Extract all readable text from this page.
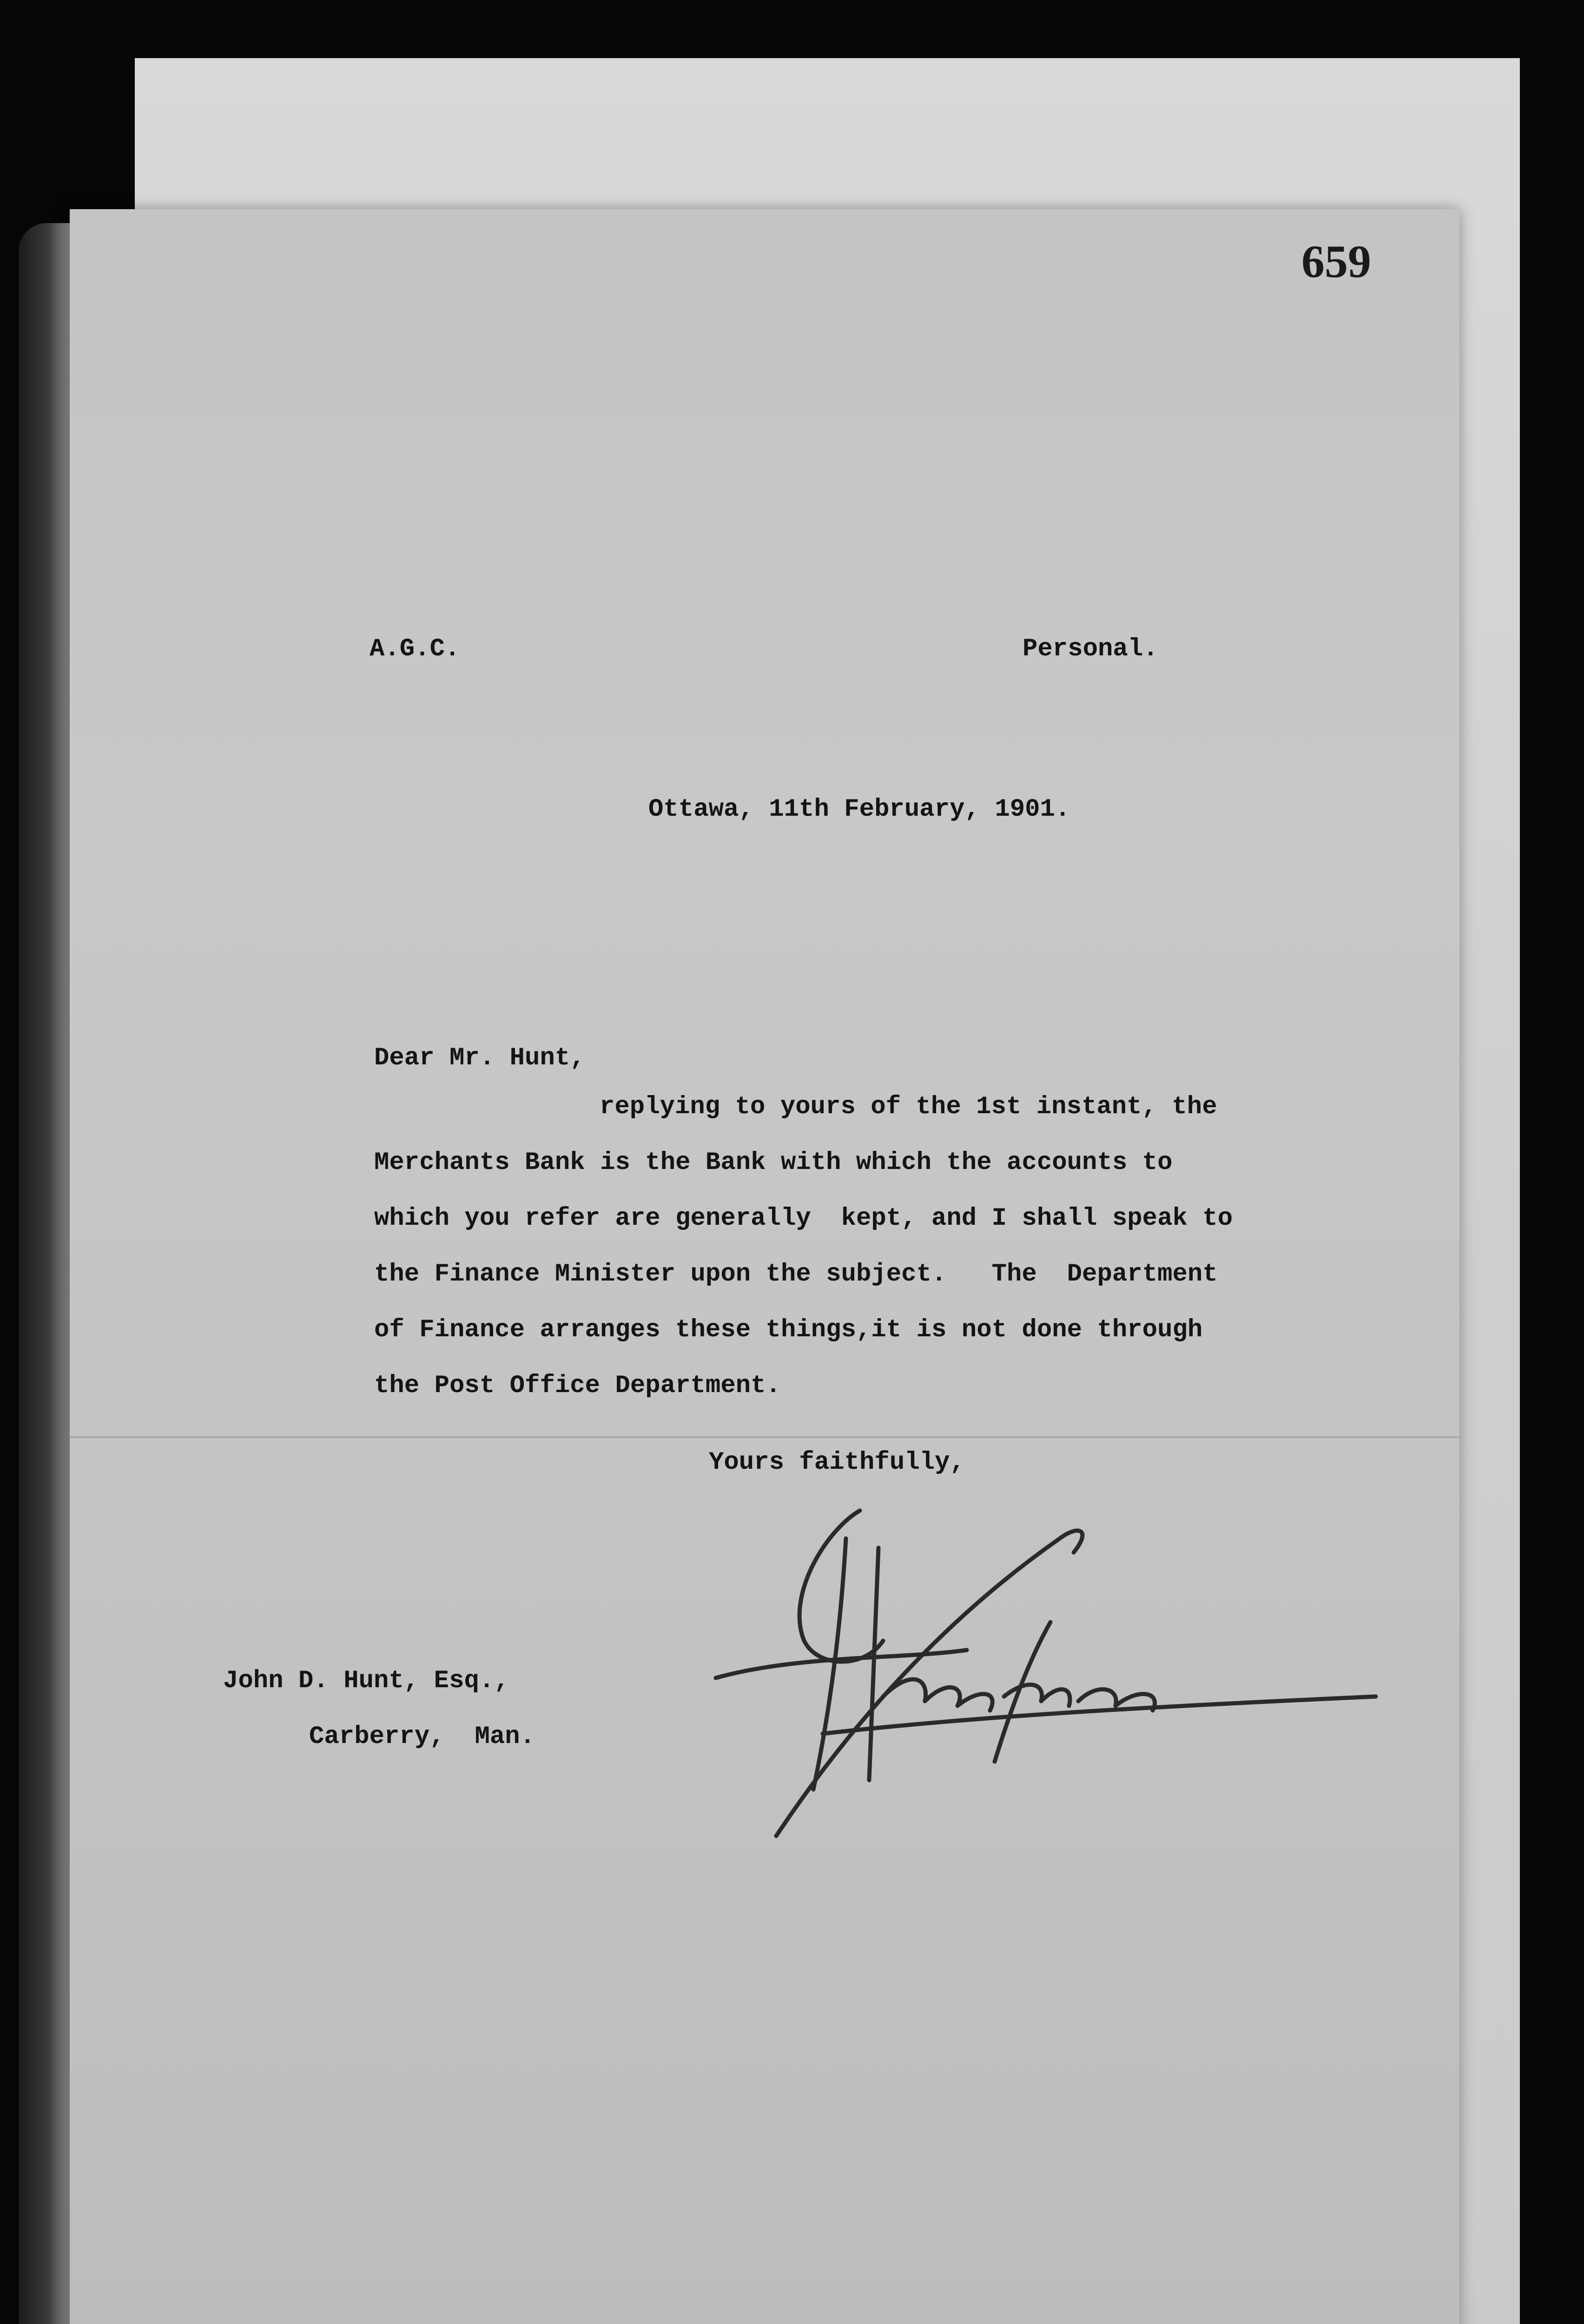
659

A.G.C.	Personal.

Ottawa, 11th February, 1901.

Dear Mr. Hunt,

replying to yours of the 1st instant, the

Merchants Bank is the Bank with which the accounts to

which you refer are generally  kept, and I shall speak to

the Finance Minister upon the subject.   The  Department

of Finance arranges these things,it is not done through

the Post Office Department.

Yours faithfully,

John D. Hunt, Esq.,

Carberry,  Man.
